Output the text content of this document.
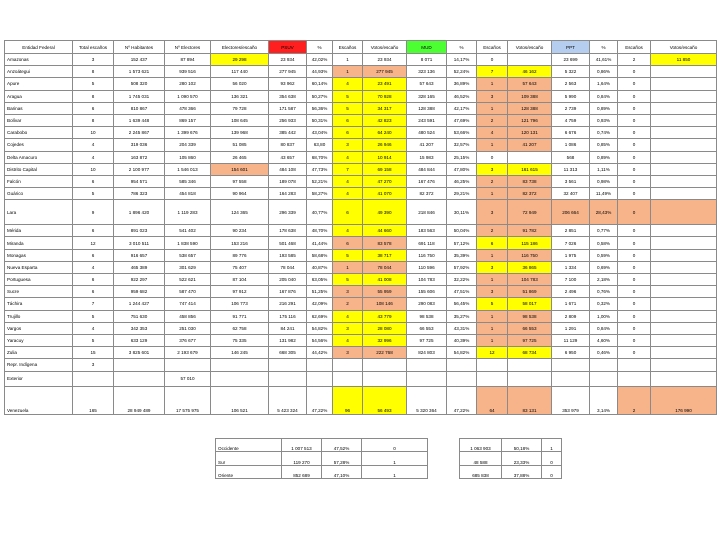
Entidad Federal	Total escaños	Nº Habitantes	Nº Electores	Electores/escaño	PSUV	%	Escaños	Votos/escaño	MUD	%	Escaños	Votos/escaño	PPT	%	Escaños	Votos/escaño
Amazonas	3	152 437	87 894	29 298	23 934	42,02%	1	23 934	8 071	14,17%	0		23 699	41,61%	2	11 850
Anzoátegui	8	1 573 621	939 516	117 440	277 945	44,93%	1	277 945	323 136	52,24%	7	46 162	5 322	0,86%	0	
Apure	5	508 320	280 102	56 020	93 962	60,14%	4	23 491	57 643	36,89%	1	57 643	2 563	1,64%	0	
Aragua	8	1 745 031	1 090 570	136 321	354 638	50,27%	5	70 928	328 165	46,52%	3	109 388	5 990	0,84%	0	
Barinas	6	810 867	478 366	79 728	171 587	56,36%	5	34 317	128 388	42,17%	1	128 388	2 739	0,89%	0	
Bolívar	8	1 639 448	869 157	108 645	256 933	50,31%	6	42 823	243 591	47,69%	2	121 796	4 759	0,93%	0	
Carabobo	10	2 245 867	1 399 676	139 968	385 442	43,04%	6	64 240	480 524	53,66%	4	120 131	6 676	0,74%	0	
Cojedes	4	319 036	204 339	51 085	80 837	63,80	3	26 946	41 207	32,57%	1	41 207	1 086	0,85%	0	
Delta Amacuro	4	163 872	105 860	26 465	43 657	68,70%	4	10 914	15 983	25,15%	0		568	0,89%	0	
Distrito Capital	10	2 100 977	1 546 013	154 601	484 108	47,73%	7	69 158	484 844	47,80%	3	161 615	11 313	1,11%	0	
Falcón	6	954 571	585 346	97 558	189 078	52,21%	4	47 270	167 476	46,25%	2	83 738	3 561	0,98%	0	
Guárico	5	786 323	454 818	90 964	164 283	58,27%	4	41 070	82 372	29,21%	1	82 372	32 407	11,49%	0	
Lara	9	1 896 420	1 119 283	124 365	296 339	40,77%	6	49 390	218 846	30,11%	3	72 949	206 664	28,43%	0	
Mérida	6	891 023	541 402	90 234	178 638	48,70%	4	44 660	183 563	50,04%	2	91 782	2 851	0,77%	0	
Miranda	12	3 010 511	1 838 590	153 216	501 468	41,44%	6	83 578	691 118	57,12%	6	115 186	7 026	0,58%	0	
Monagas	6	916 657	538 657	89 776	193 585	58,68%	5	38 717	116 750	35,39%	1	116 750	1 975	0,59%	0	
Nueva Esparta	4	465 389	301 629	75 407	78 044	40,87%	1	78 044	110 596	57,92%	3	36 865	1 334	0,69%	0	
Portuguesa	6	922 297	522 621	87 104	205 040	63,05%	5	41 008	104 783	32,22%	1	104 783	7 100	2,18%	0	
Sucre	6	959 682	587 470	97 912	167 876	51,25%	3	55 959	155 606	47,51%	3	51 869	2 496	0,76%	0	
Táchira	7	1 244 427	747 414	106 773	216 291	42,09%	2	108 146	290 083	56,45%	5	58 017	1 671	0,32%	0	
Trujillo	5	751 630	458 856	91 771	175 116	62,69%	4	43 779	98 538	35,27%	1	98 538	2 809	1,00%	0	
Vargos	4	342 353	251 030	62 758	84 241	54,82%	3	28 080	66 553	43,31%	1	66 553	1 291	0,84%	0	
Yaracuy	5	633 129	376 677	75 335	131 982	54,56%	4	32 996	97 725	40,39%	1	97 725	11 129	4,60%	0	
Zulia	15	3 825 601	2 193 679	146 245	668 305	44,42%	3	222 768	824 803	54,82%	12	68 734	6 950	0,46%	0	
Repr. Indígena	3															
Exterior			57 010													
Venezuela	165	28 949 489	17 575 975	106 521	5 423 324	47,22%	96	56 493	5 320 364	47,22%	64	83 131	353 979	3,14%	2	176 990
Occidente	1 007 513	47,52%	0		1 063 903	50,18%	1
Sur	119 270	57,28%	1		48 588	23,33%	0
Oriente	852 689	47,10%	1		685 838	37,88%	0
